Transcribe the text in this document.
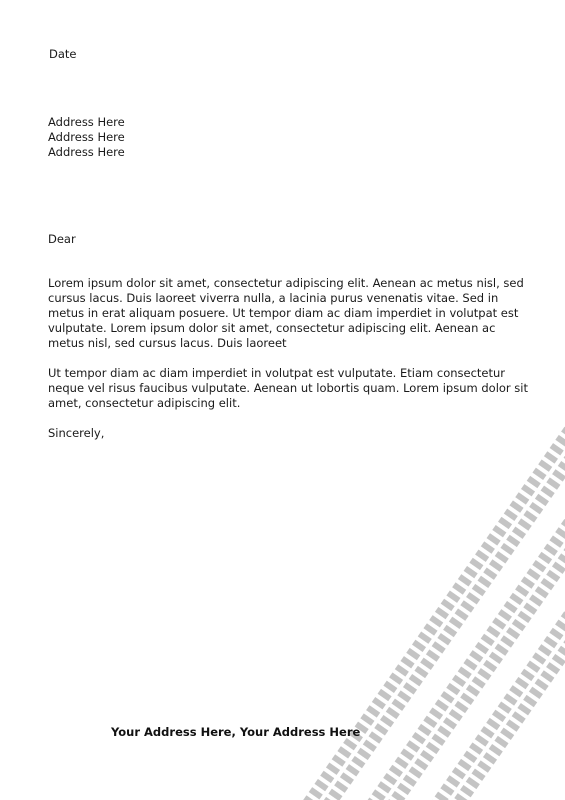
Date
Address Here
Address Here
Address Here
Dear

Lorem ipsum dolor sit amet, consectetur adipiscing elit. Aenean ac metus nisl, sed cursus lacus. Duis laoreet viverra nulla, a lacinia purus venenatis vitae. Sed in metus in erat aliquam posuere. Ut tempor diam ac diam imperdiet in volutpat est vulputate. Lorem ipsum dolor sit amet, consectetur adipiscing elit. Aenean ac metus nisl, sed cursus lacus. Duis laoreet

Ut tempor diam ac diam imperdiet in volutpat est vulputate. Etiam consectetur neque vel risus faucibus vulputate. Aenean ut lobortis quam. Lorem ipsum dolor sit amet, consectetur adipiscing elit.

Sincerely,
Your Address Here, Your Address Here
